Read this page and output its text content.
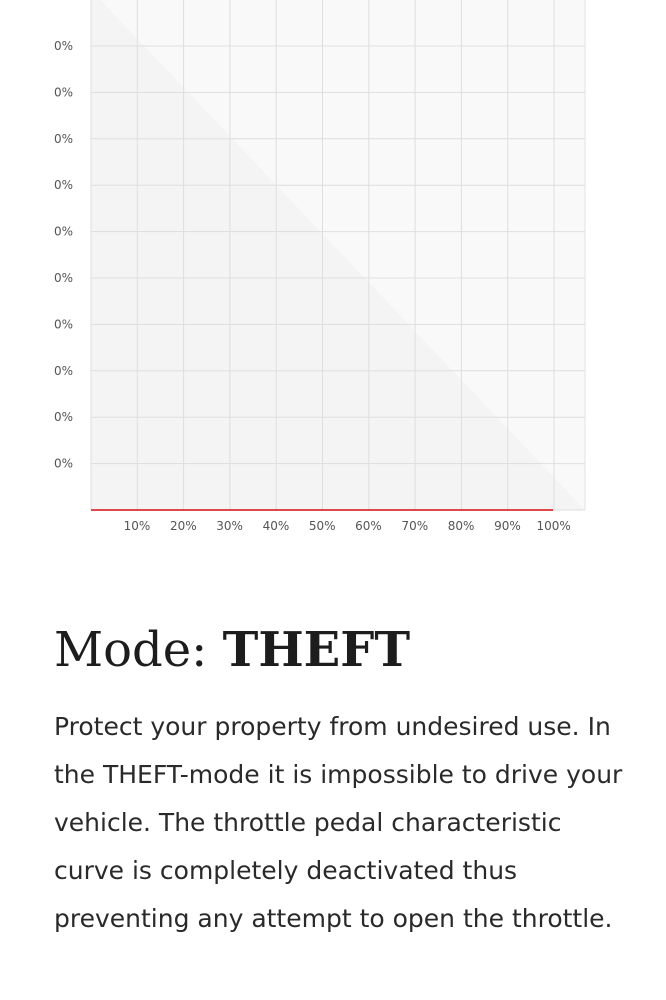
0%
0%
0%
0%
0%
0%
0%
0%
0%
0%
10% 20% 30% 40% 50% 60% 70% 80% 90% 100%
Mode: THEFT

Protect your property from undesired use. In the THEFT-mode it is impossible to drive your vehicle. The throttle pedal characteristic curve is completely deactivated thus preventing any attempt to open the throttle.
